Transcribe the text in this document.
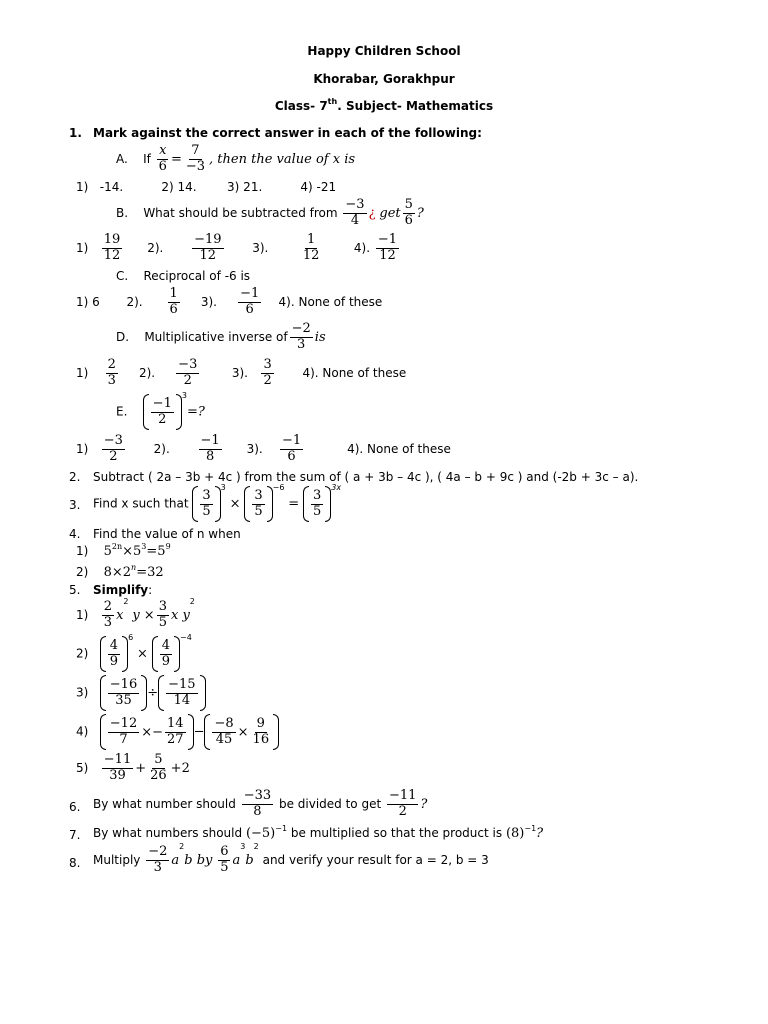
Happy Children School
Khorabar, Gorakhpur
Class- 7th. Subject- Mathematics
1. Mark against the correct answer in each of the following:
A. If $\frac{x}{6} = \frac{7}{-3}$ , then the value of x is
1)   -14.          2) 14.        3) 21.          4) -21
B. What should be subtracted from $\frac{-3}{4}$ ¿ get $\frac{5}{6}$ ?
$1) \frac{19}{12} 2$). $\frac{-19}{12} 3$).	$\frac{1}{12}$	4). $\frac{-1}{12}$
C. Reciprocal of -6 is
1) 6 2). $\frac{1}{6} 3$). $\frac{-1}{6} 4$). None of these
D. Multiplicative inverse of $\frac{-2}{3}$ is
$1) \frac{2}{3} 2$). $\frac{-3}{2}$	3). $\frac{3}{2} 4$). None of these
E. $\frac{-1}{2}$
$^3$=?
$1) \frac{-3}{2} 2$). $\frac{-1}{8} 3$). $\frac{-1}{6}$	4). None of these
2. Subtract ( 2a – 3b + 4c ) from the sum of ( a + 3b – 4c ), ( 4a – b + 9c ) and (-2b + 3c – a).
3. Find x such that $\frac{3}{5}$
$^3 \times \frac{3}{5}$
$^{-6} = \frac{3}{5}$
$^{3x}$
4. Find the value of n when
1) $5^{2n}\times 5^3=5^9$
2) $8\times 2^n=32$
5. Simplify:
$1) \frac{2}{3} x^2$ $y \times \frac{3}{5}$ x $y^2$
$2) \frac{4}{9}$
$^6 \times \frac{4}{9}$
$^{-4}$
$3) \frac{-16}{35} \div \frac{-15}{14}$
$4) \frac{-12}{7} \times- \frac{14}{27} - \frac{-8}{45} \times \frac{9}{16}$
$5) \frac{-11}{39} + \frac{5}{26} +2$
6. By what number should $\frac{-33}{8}$ be divided to get $\frac{-11}{2}$ ?
7. By what numbers should $(-5)^{-1}$ be multiplied so that the product is $(8)^{-1}$?
8. Multiply $\frac{-2}{3} a^2b$ by $\frac{6}{5} a^3b^2$ and verify your result for a = 2, b = 3
